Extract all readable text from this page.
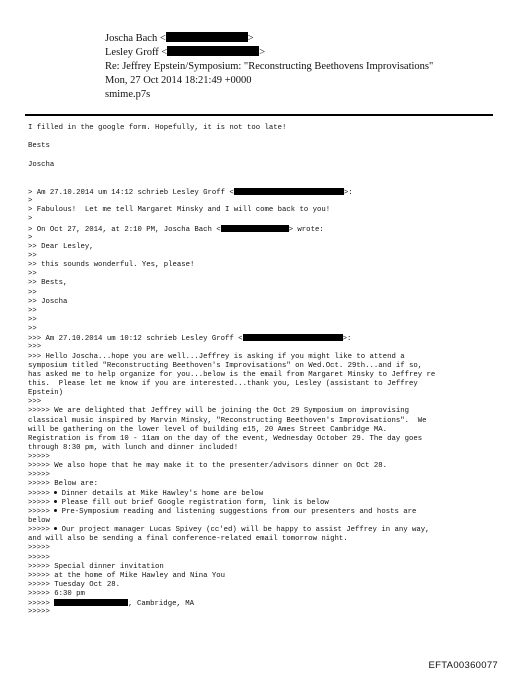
Joscha Bach <	>
Lesley Groff <	>
Re: Jeffrey Epstein/Symposium: "Reconstructing Beethovens Improvisations"
Mon, 27 Oct 2014 18:21:49 +0000
smime.p7s
I filled in the google form. Hopefully, it is not too late!
Bests
Joscha
> Am 27.10.2014 um 14:12 schrieb Lesley Groff <	>:
>
> Fabulous!  Let me tell Margaret Minsky and I will come back to you!
>
> On Oct 27, 2014, at 2:10 PM, Joscha Bach <	> wrote:
>
>> Dear Lesley,
>>
>> this sounds wonderful. Yes, please!
>>
>> Bests,
>>
>> Joscha
>>
>>
>>
>>> Am 27.10.2014 um 10:12 schrieb Lesley Groff <	>:
>>>
>>> Hello Joscha...hope you are well...Jeffrey is asking if you might like to attend a
symposium titled "Reconstructing Beethoven's Improvisations" on Wed.Oct. 29th...and if so,
has asked me to help organize for you...below is the email from Margaret Minsky to Jeffrey re
this.  Please let me know if you are interested...thank you, Lesley (assistant to Jeffrey
Epstein)
>>>
>>>>> We are delighted that Jeffrey will be joining the Oct 29 Symposium on improvising
classical music inspired by Marvin Minsky, "Reconstructing Beethoven's Improvisations".  We
will be gathering on the lower level of building e15, 20 Ames Street Cambridge MA.
Registration is from 10 - 11am on the day of the event, Wednesday October 29. The day goes
through 8:30 pm, with lunch and dinner included!
>>>>>
>>>>> We also hope that he may make it to the presenter/advisors dinner on Oct 28.
>>>>>
>>>>> Below are:
>>>>>  Dinner details at Mike Hawley's home are below
>>>>>  Please fill out brief Google registration form, link is below
>>>>>  Pre-Symposium reading and listening suggestions from our presenters and hosts are
below
>>>>>  Our project manager Lucas Spivey (cc'ed) will be happy to assist Jeffrey in any way,
and will also be sending a final conference-related email tomorrow night.
>>>>>
>>>>>
>>>>> Special dinner invitation
>>>>> at the home of Mike Hawley and Nina You
>>>>> Tuesday Oct 28.
>>>>> 6:30 pm
>>>>>	, Cambridge, MA
>>>>>
EFTA00360077
